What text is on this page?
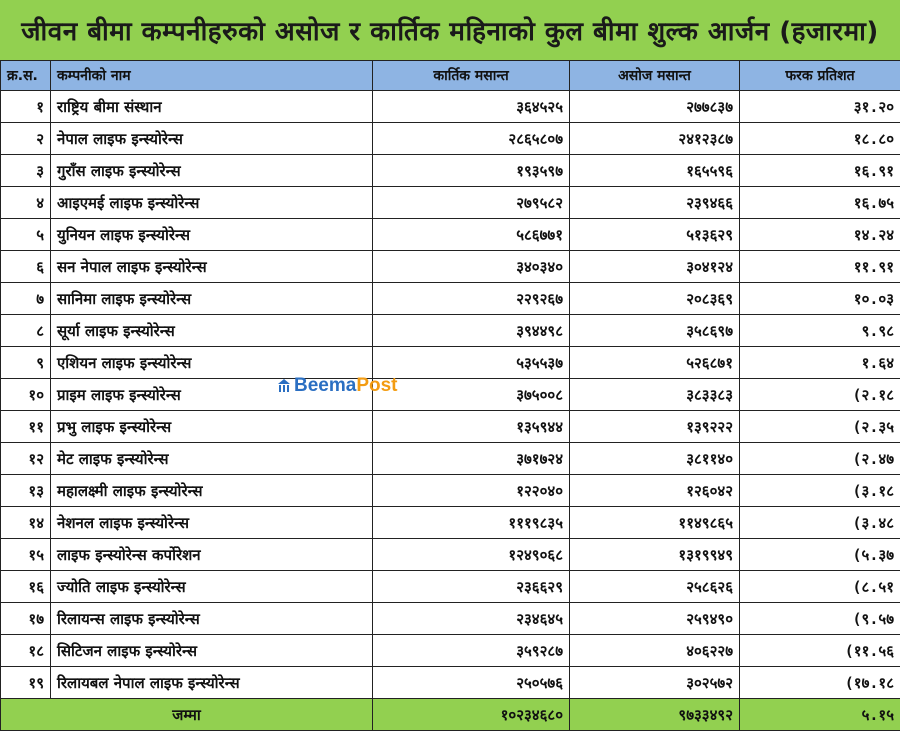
जीवन बीमा कम्पनीहरुको असोज र कार्तिक महिनाको कुल बीमा शुल्क आर्जन (हजारमा)
क्र.स.	कम्पनीको नाम	कार्तिक मसान्त	असोज मसान्त	फरक प्रतिशत
१	राष्ट्रिय बीमा संस्थान	३६४५२५	२७७८३७	३१.२०
२	नेपाल लाइफ इन्स्योरेन्स	२८६५८०७	२४१२३८७	१८.८०
३	गुराँस लाइफ इन्स्योरेन्स	१९३५९७	१६५५९६	१६.९१
४	आइएमई लाइफ इन्स्योरेन्स	२७९५८२	२३९४६६	१६.७५
५	युनियन लाइफ इन्स्योरेन्स	५८६७७१	५१३६२९	१४.२४
६	सन नेपाल लाइफ इन्स्योरेन्स	३४०३४०	३०४१२४	११.९१
७	सानिमा लाइफ इन्स्योरेन्स	२२९२६७	२०८३६९	१०.०३
८	सूर्या लाइफ इन्स्योरेन्स	३९४४९८	३५८६९७	९.९८
९	एशियन लाइफ इन्स्योरेन्स	५३५५३७	५२६८७१	१.६४
१०	प्राइम लाइफ इन्स्योरेन्स	३७५००८	३८३३८३	(२.१८
११	प्रभु लाइफ इन्स्योरेन्स	१३५९४४	१३९२२२	(२.३५
१२	मेट लाइफ इन्स्योरेन्स	३७१७२४	३८११४०	(२.४७
१३	महालक्ष्मी लाइफ इन्स्योरेन्स	१२२०४०	१२६०४२	(३.१८
१४	नेशनल लाइफ इन्स्योरेन्स	१११९८३५	११४९८६५	(३.४८
१५	लाइफ इन्स्योरेन्स कर्पोरेशन	१२४९०६८	१३१९९४९	(५.३७
१६	ज्योति लाइफ इन्स्योरेन्स	२३६६२९	२५८६२६	(८.५१
१७	रिलायन्स लाइफ इन्स्योरेन्स	२३४६४५	२५९४९०	(९.५७
१८	सिटिजन लाइफ इन्स्योरेन्स	३५९२८७	४०६२२७	(११.५६
१९	रिलायबल नेपाल लाइफ इन्स्योरेन्स	२५०५७६	३०२५७२	(१७.१८
जम्मा		१०२३४६८०	९७३३४९२	५.१५
BeemaPost
